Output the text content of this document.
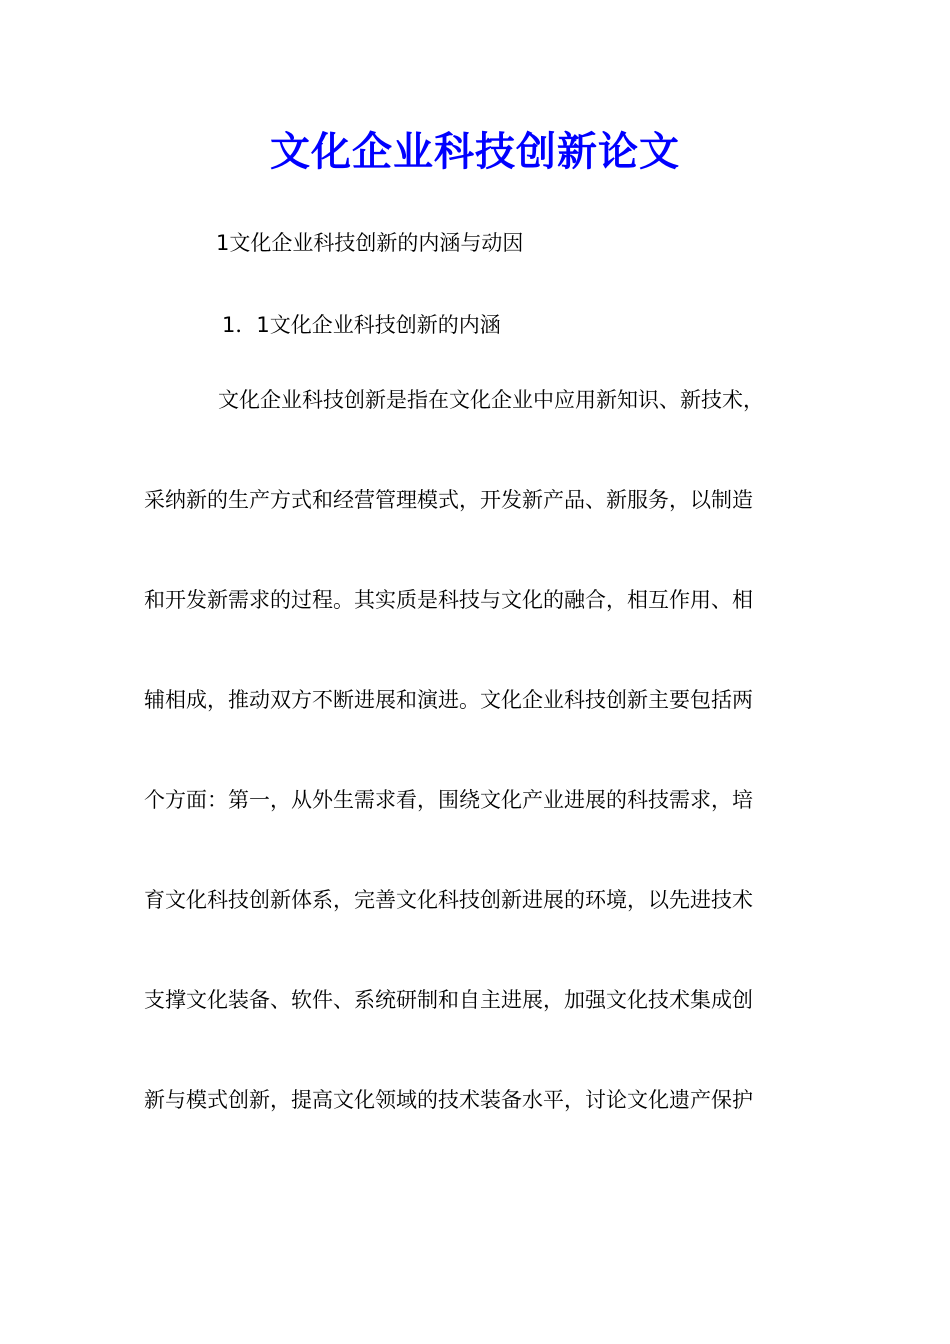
文化企业科技创新论文
1文化企业科技创新的内涵与动因
1．1文化企业科技创新的内涵
文化企业科技创新是指在文化企业中应用新知识、新技术，
采纳新的生产方式和经营管理模式，开发新产品、新服务，以制造
和开发新需求的过程。其实质是科技与文化的融合，相互作用、相
辅相成，推动双方不断进展和演进。文化企业科技创新主要包括两
个方面：第一，从外生需求看，围绕文化产业进展的科技需求，培
育文化科技创新体系，完善文化科技创新进展的环境，以先进技术
支撑文化装备、软件、系统研制和自主进展，加强文化技术集成创
新与模式创新，提高文化领域的技术装备水平，讨论文化遗产保护
